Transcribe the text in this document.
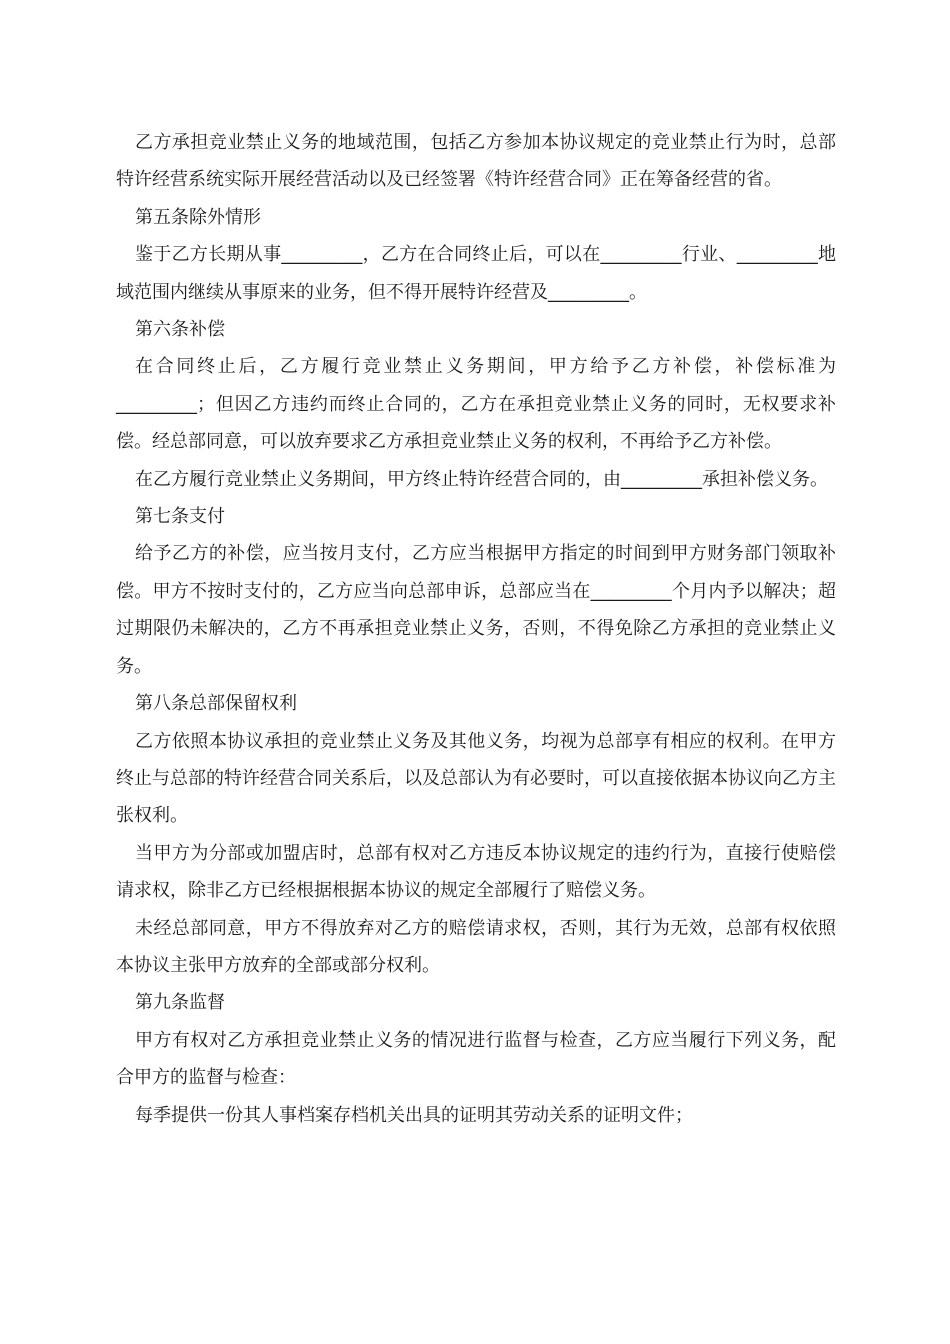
乙方承担竞业禁止义务的地域范围，包括乙方参加本协议规定的竞业禁止行为时，总部特许经营系统实际开展经营活动以及已经签署《特许经营合同》正在筹备经营的省。

第五条除外情形

鉴于乙方长期从事_________，乙方在合同终止后，可以在_________行业、_________地域范围内继续从事原来的业务，但不得开展特许经营及_________。

第六条补偿

在合同终止后，乙方履行竞业禁止义务期间，甲方给予乙方补偿，补偿标准为_________；但因乙方违约而终止合同的，乙方在承担竞业禁止义务的同时，无权要求补偿。经总部同意，可以放弃要求乙方承担竞业禁止义务的权利，不再给予乙方补偿。

在乙方履行竞业禁止义务期间，甲方终止特许经营合同的，由_________承担补偿义务。

第七条支付

给予乙方的补偿，应当按月支付，乙方应当根据甲方指定的时间到甲方财务部门领取补偿。甲方不按时支付的，乙方应当向总部申诉，总部应当在_________个月内予以解决；超过期限仍未解决的，乙方不再承担竞业禁止义务，否则，不得免除乙方承担的竞业禁止义务。

第八条总部保留权利

乙方依照本协议承担的竞业禁止义务及其他义务，均视为总部享有相应的权利。在甲方终止与总部的特许经营合同关系后，以及总部认为有必要时，可以直接依据本协议向乙方主张权利。

当甲方为分部或加盟店时，总部有权对乙方违反本协议规定的违约行为，直接行使赔偿请求权，除非乙方已经根据根据本协议的规定全部履行了赔偿义务。

未经总部同意，甲方不得放弃对乙方的赔偿请求权，否则，其行为无效，总部有权依照本协议主张甲方放弃的全部或部分权利。

第九条监督

甲方有权对乙方承担竞业禁止义务的情况进行监督与检查，乙方应当履行下列义务，配合甲方的监督与检查：

每季提供一份其人事档案存档机关出具的证明其劳动关系的证明文件；
